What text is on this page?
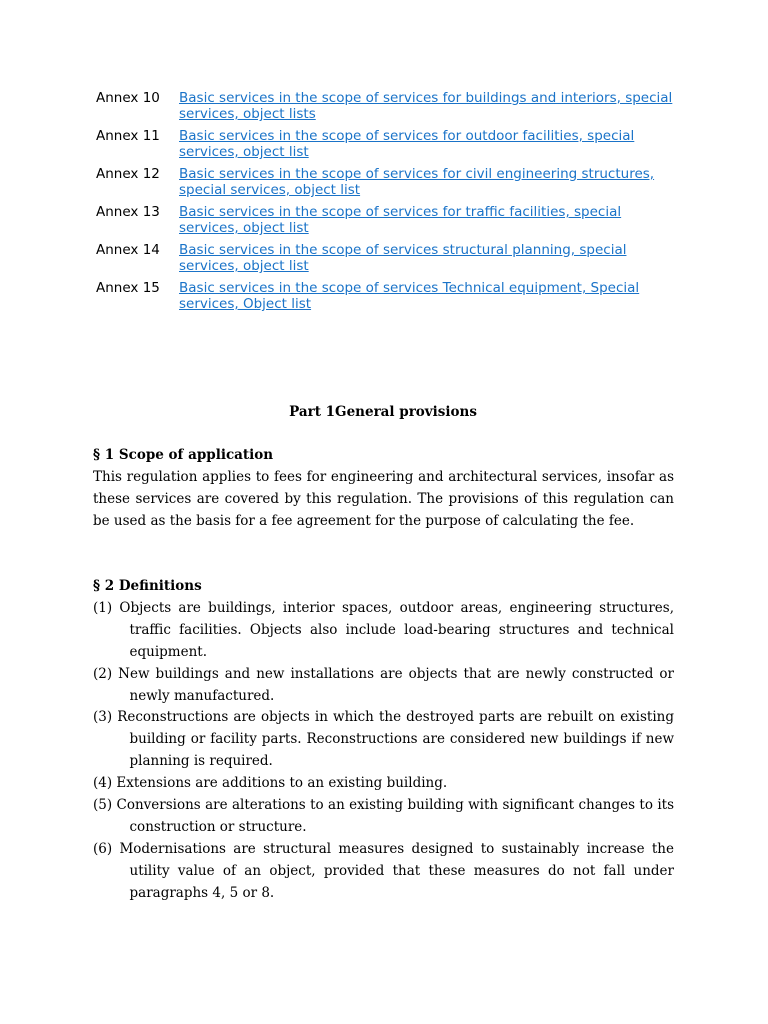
Annex 10	Basic services in the scope of services for buildings and interiors, special services, object lists
Annex 11	Basic services in the scope of services for outdoor facilities, special services, object list
Annex 12	Basic services in the scope of services for civil engineering structures, special services, object list
Annex 13	Basic services in the scope of services for traffic facilities, special services, object list
Annex 14	Basic services in the scope of services structural planning, special services, object list
Annex 15	Basic services in the scope of services Technical equipment, Special services, Object list
Part 1General provisions

§ 1 Scope of application

This regulation applies to fees for engineering and architectural services, insofar as these services are covered by this regulation. The provisions of this regulation can be used as the basis for a fee agreement for the purpose of calculating the fee.

§ 2 Definitions

(1) Objects are buildings, interior spaces, outdoor areas, engineering structures, traffic facilities. Objects also include load-bearing structures and technical equipment.

(2) New buildings and new installations are objects that are newly constructed or newly manufactured.

(3) Reconstructions are objects in which the destroyed parts are rebuilt on existing building or facility parts. Reconstructions are considered new buildings if new planning is required.

(4) Extensions are additions to an existing building.

(5) Conversions are alterations to an existing building with significant changes to its construction or structure.

(6) Modernisations are structural measures designed to sustainably increase the utility value of an object, provided that these measures do not fall under paragraphs 4, 5 or 8.
